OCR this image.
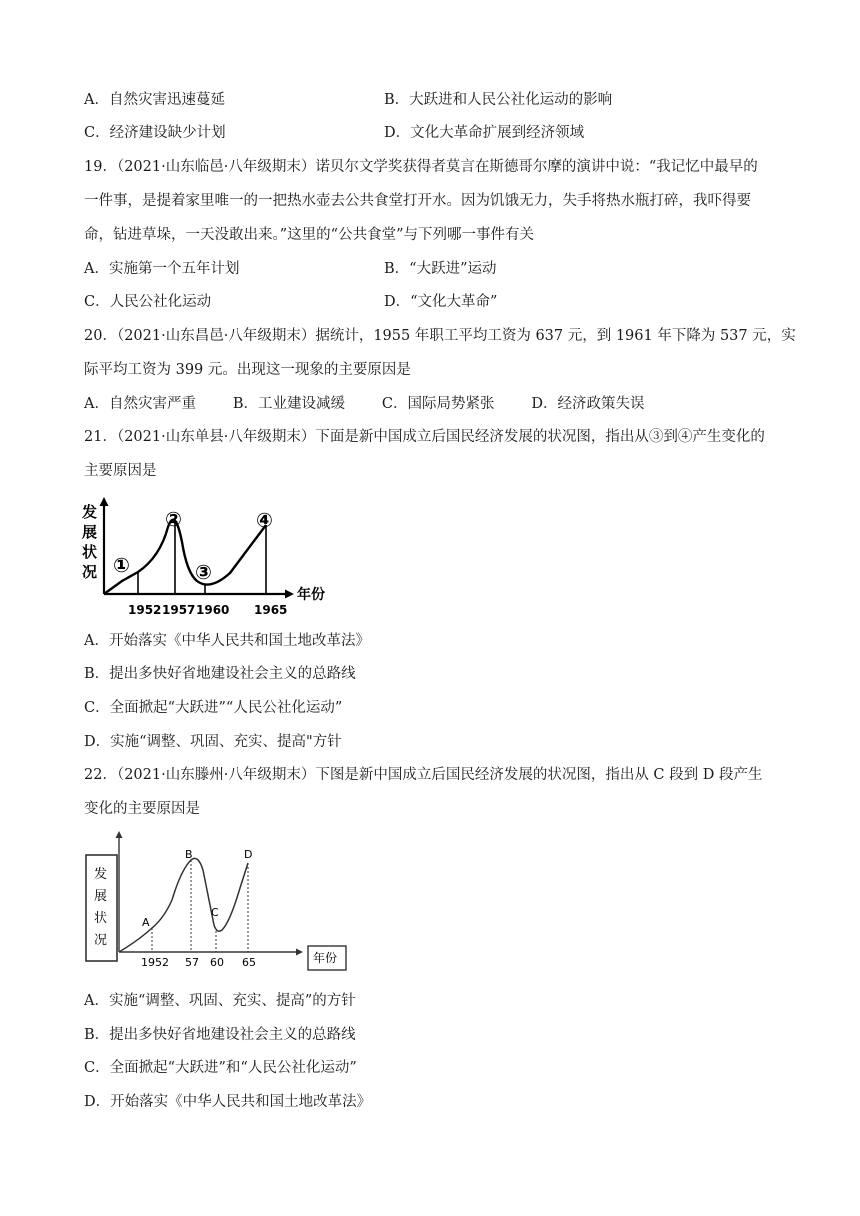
A．自然灾害迅速蔓延	B．大跃进和人民公社化运动的影响
C．经济建设缺少计划	D．文化大革命扩展到经济领域
19．（2021·山东临邑·八年级期末）诺贝尔文学奖获得者莫言在斯德哥尔摩的演讲中说：“我记忆中最早的
一件事，是提着家里唯一的一把热水壶去公共食堂打开水。因为饥饿无力，失手将热水瓶打碎，我吓得要
命，钻进草垛，一天没敢出来。”这里的“公共食堂”与下列哪一事件有关
A．实施第一个五年计划	B．“大跃进”运动
C．人民公社化运动	D．“文化大革命”
20．（2021·山东昌邑·八年级期末）据统计，1955 年职工平均工资为 637 元，到 1961 年下降为 537 元，实
际平均工资为 399 元。出现这一现象的主要原因是
A．自然灾害严重        B．工业建设减缓        C．国际局势紧张        D．经济政策失误
21．（2021·山东单县·八年级期末）下面是新中国成立后国民经济发展的状况图，指出从③到④产生变化的
主要原因是
发
展
状
况
年份
①
②
③
④
1952 1957 1960 1965
A．开始落实《中华人民共和国土地改革法》
B．提出多快好省地建设社会主义的总路线
C．全面掀起“大跃进”“人民公社化运动”
D．实施“调整、巩固、充实、提高"方针
22．（2021·山东滕州·八年级期末）下图是新中国成立后国民经济发展的状况图，指出从 C 段到 D 段产生
变化的主要原因是
发
展
状
况
年份
A
B
C
D
1952 57 60 65
A．实施“调整、巩固、充实、提高”的方针
B．提出多快好省地建设社会主义的总路线
C．全面掀起“大跃进”和“人民公社化运动”
D．开始落实《中华人民共和国土地改革法》
